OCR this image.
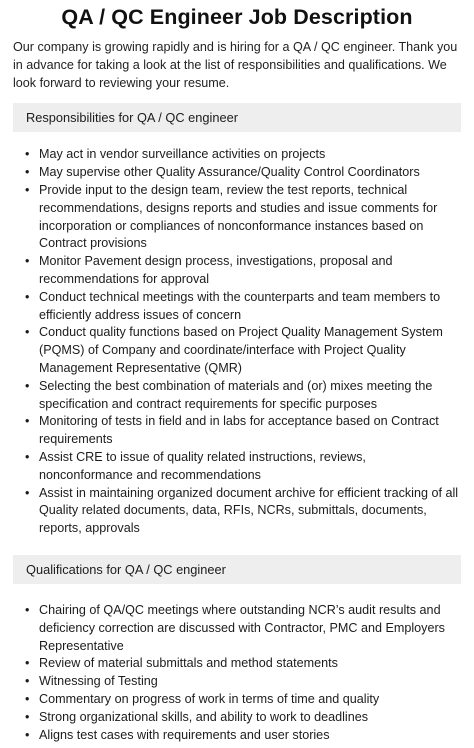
QA / QC Engineer Job Description

Our company is growing rapidly and is hiring for a QA / QC engineer. Thank you in advance for taking a look at the list of responsibilities and qualifications. We look forward to reviewing your resume.

Responsibilities for QA / QC engineer
• May act in vendor surveillance activities on projects
• May supervise other Quality Assurance/Quality Control Coordinators
• Provide input to the design team, review the test reports, technical recommendations, designs reports and studies and issue comments for incorporation or compliances of nonconformance instances based on Contract provisions
• Monitor Pavement design process, investigations, proposal and recommendations for approval
• Conduct technical meetings with the counterparts and team members to efficiently address issues of concern
• Conduct quality functions based on Project Quality Management System (PQMS) of Company and coordinate/interface with Project Quality Management Representative (QMR)
• Selecting the best combination of materials and (or) mixes meeting the specification and contract requirements for specific purposes
• Monitoring of tests in field and in labs for acceptance based on Contract requirements
• Assist CRE to issue of quality related instructions, reviews, nonconformance and recommendations
• Assist in maintaining organized document archive for efficient tracking of all Quality related documents, data, RFIs, NCRs, submittals, documents, reports, approvals
Qualifications for QA / QC engineer
• Chairing of QA/QC meetings where outstanding NCR’s audit results and deficiency correction are discussed with Contractor, PMC and Employers Representative
• Review of material submittals and method statements
• Witnessing of Testing
• Commentary on progress of work in terms of time and quality
• Strong organizational skills, and ability to work to deadlines
• Aligns test cases with requirements and user stories
